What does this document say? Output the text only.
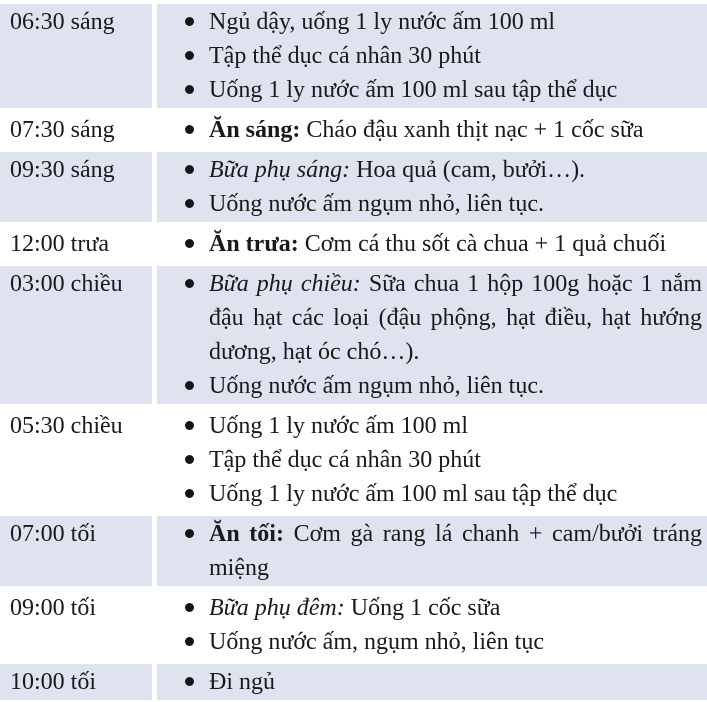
06:30 sáng	Ngủ dậy, uống 1 ly nước ấm 100 ml
Tập thể dục cá nhân 30 phút
Uống 1 ly nước ấm 100 ml sau tập thể dục
07:30 sáng	Ăn sáng: Cháo đậu xanh thịt nạc + 1 cốc sữa
09:30 sáng	Bữa phụ sáng: Hoa quả (cam, bưởi…).
Uống nước ấm ngụm nhỏ, liên tục.
12:00 trưa	Ăn trưa: Cơm cá thu sốt cà chua + 1 quả chuối
03:00 chiều	Bữa phụ chiều: Sữa chua 1 hộp 100g hoặc 1 nắm đậu hạt các loại (đậu phộng, hạt điều, hạt hướng dương, hạt óc chó…).
Uống nước ấm ngụm nhỏ, liên tục.
05:30 chiều	Uống 1 ly nước ấm 100 ml
Tập thể dục cá nhân 30 phút
Uống 1 ly nước ấm 100 ml sau tập thể dục
07:00 tối	Ăn tối: Cơm gà rang lá chanh + cam/bưởi tráng miệng
09:00 tối	Bữa phụ đêm: Uống 1 cốc sữa
Uống nước ấm, ngụm nhỏ, liên tục
10:00 tối	Đi ngủ
